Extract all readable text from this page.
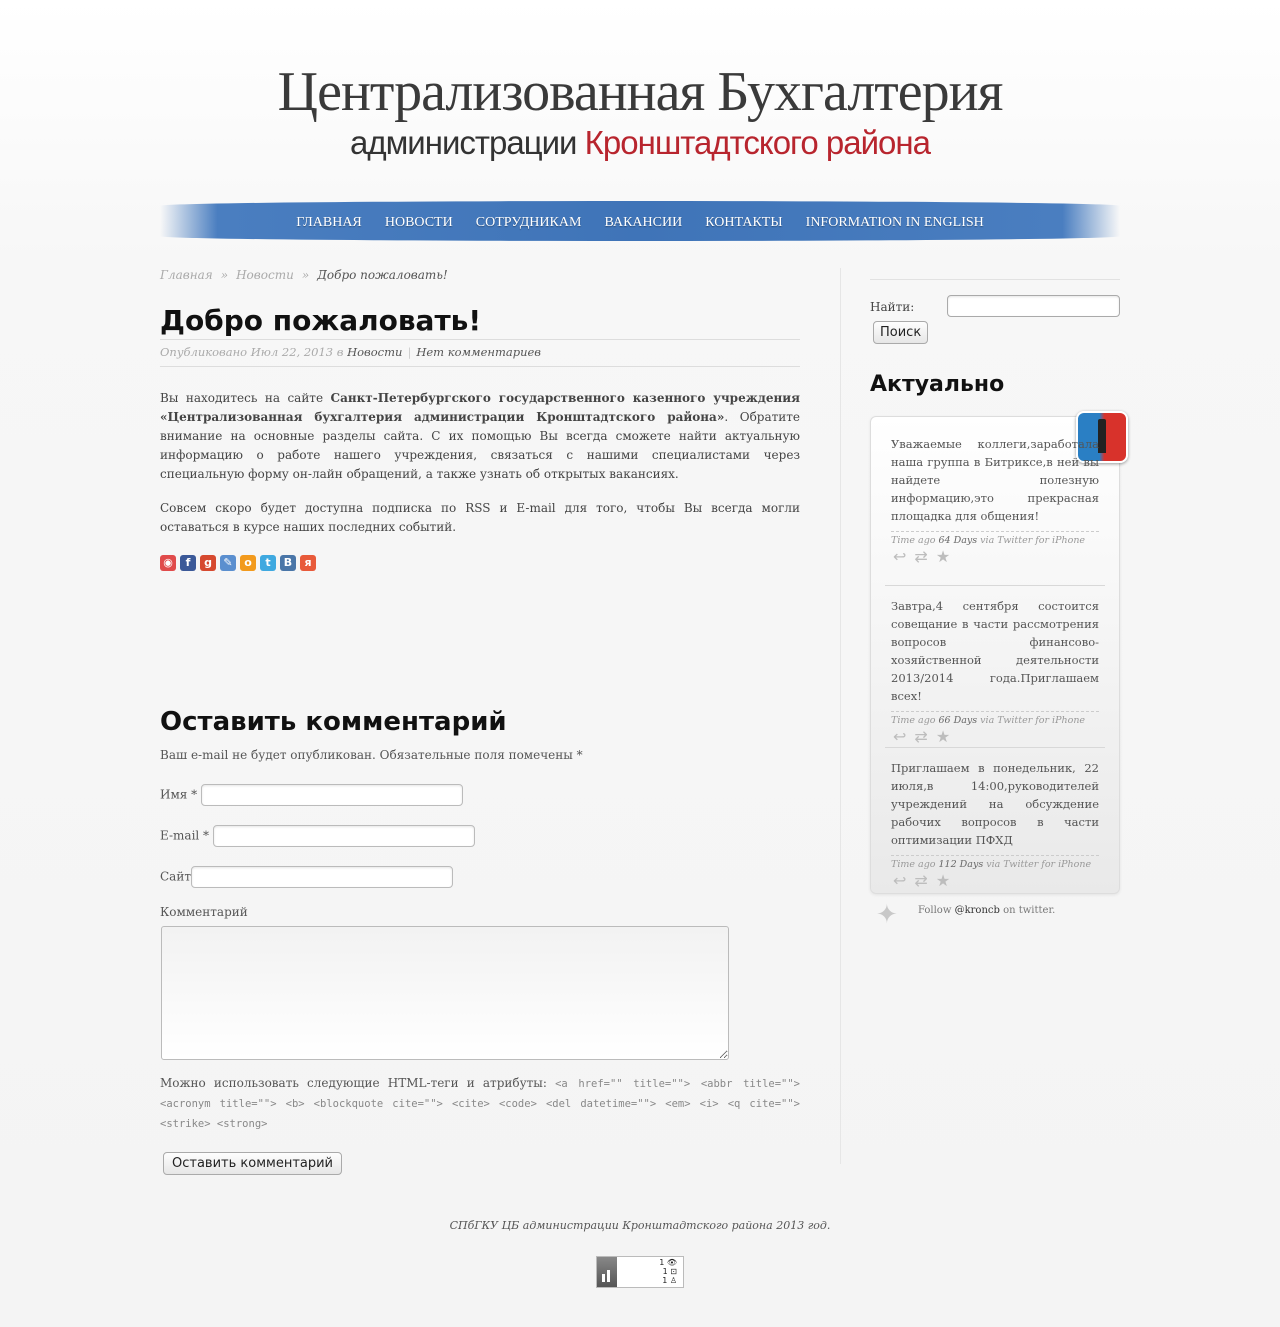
Централизованная Бухгалтерия
администрации Кронштадтского района
ГЛАВНАЯ НОВОСТИ СОТРУДНИКАМ ВАКАНСИИ КОНТАКТЫ INFORMATION IN ENGLISH
Главная » Новости » Добро пожаловать!
Добро пожаловать!
Опубликовано Июл 22, 2013 в Новости | Нет комментариев

Вы находитесь на сайте Санкт-Петербургского государственного казенного учреждения «Централизованная бухгалтерия администрации Кронштадтского района». Обратите внимание на основные разделы сайта. С их помощью Вы всегда сможете найти актуальную информацию о работе нашего учреждения, связаться с нашими специалистами через специальную форму он-лайн обращений, а также узнать об открытых вакансиях.

Совсем скоро будет доступна подписка по RSS и E-mail для того, чтобы Вы всегда могли оставаться в курсе наших последних событий.

◉ f g ✎ o t B я
Оставить комментарий
Ваш e-mail не будет опубликован. Обязательные поля помечены *
Имя *
E-mail *
Сайт
Комментарий
Можно использовать следующие HTML-теги и атрибуты: <a href="" title=""> <abbr title=""> <acronym title=""> <b> <blockquote cite=""> <cite> <code> <del datetime=""> <em> <i> <q cite=""> <strike> <strong>
Оставить комментарий
Найти:
Поиск
Актуально
Уважаемые коллеги,заработала наша группа в Битриксе,в ней вы найдете полезную информацию,это прекрасная площадка для общения!
Time ago 64 Days via Twitter for iPhone
↩ ⇄ ★
Завтра,4 сентября состоится совещание в части рассмотрения вопросов финансово-хозяйственной деятельности 2013/2014 года.Приглашаем всех!
Time ago 66 Days via Twitter for iPhone
↩ ⇄ ★
Приглашаем в понедельник, 22 июля,в 14:00,руководителей учреждений на обсуждение рабочих вопросов в части оптимизации ПФХД
Time ago 112 Days via Twitter for iPhone
↩ ⇄ ★
✦ Follow @kroncb on twitter.
СПбГКУ ЦБ администрации Кронштадтского района 2013 год.
1 👁
1 ⊡
1 ♙
